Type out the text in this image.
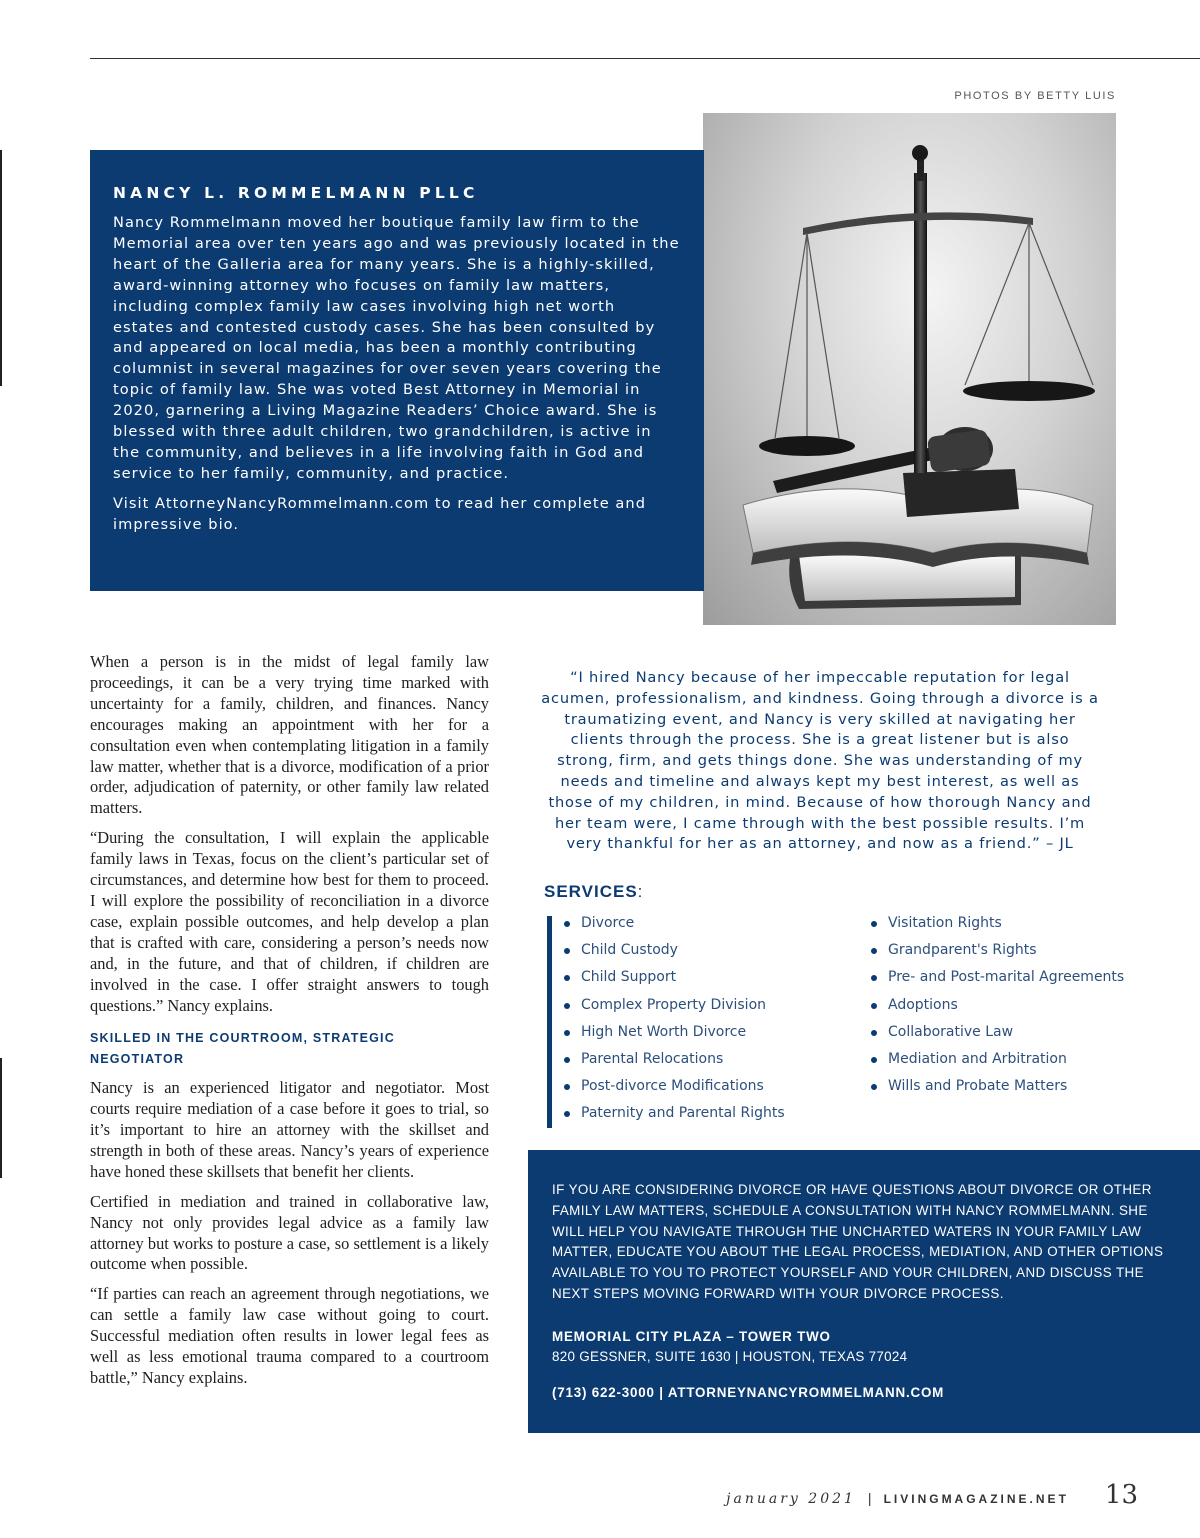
PHOTOS BY BETTY LUIS
NANCY L. ROMMELMANN PLLC

Nancy Rommelmann moved her boutique family law firm to the Memorial area over ten years ago and was previously located in the heart of the Galleria area for many years. She is a highly-skilled, award-winning attorney who focuses on family law matters, including complex family law cases involving high net worth estates and contested custody cases. She has been consulted by and appeared on local media, has been a monthly contributing columnist in several magazines for over seven years covering the topic of family law. She was voted Best Attorney in Memorial in 2020, garnering a Living Magazine Readers’ Choice award. She is blessed with three adult children, two grandchildren, is active in the community, and believes in a life involving faith in God and service to her family, community, and practice.

Visit AttorneyNancyRommelmann.com to read her complete and impressive bio.

When a person is in the midst of legal family law proceedings, it can be a very trying time marked with uncertainty for a family, children, and finances. Nancy encourages making an appointment with her for a consultation even when contemplating litigation in a family law matter, whether that is a divorce, modification of a prior order, adjudication of paternity, or other family law related matters.

“During the consultation, I will explain the applicable family laws in Texas, focus on the client’s particular set of circumstances, and determine how best for them to proceed. I will explore the possibility of reconciliation in a divorce case, explain possible outcomes, and help develop a plan that is crafted with care, considering a person’s needs now and, in the future, and that of children, if children are involved in the case. I offer straight answers to tough questions.” Nancy explains.

SKILLED IN THE COURTROOM, STRATEGIC NEGOTIATOR

Nancy is an experienced litigator and negotiator. Most courts require mediation of a case before it goes to trial, so it’s important to hire an attorney with the skillset and strength in both of these areas. Nancy’s years of experience have honed these skillsets that benefit her clients.

Certified in mediation and trained in collaborative law, Nancy not only provides legal advice as a family law attorney but works to posture a case, so settlement is a likely outcome when possible.

“If parties can reach an agreement through negotiations, we can settle a family law case without going to court. Successful mediation often results in lower legal fees as well as less emotional trauma compared to a courtroom battle,” Nancy explains.

“I hired Nancy because of her impeccable reputation for legal acumen, professionalism, and kindness. Going through a divorce is a traumatizing event, and Nancy is very skilled at navigating her clients through the process. She is a great listener but is also strong, firm, and gets things done. She was understanding of my needs and timeline and always kept my best interest, as well as those of my children, in mind. Because of how thorough Nancy and her team were, I came through with the best possible results. I’m very thankful for her as an attorney, and now as a friend.” – JL

SERVICES:
Divorce
Child Custody
Child Support
Complex Property Division
High Net Worth Divorce
Parental Relocations
Post-divorce Modifications
Paternity and Parental Rights
Visitation Rights
Grandparent's Rights
Pre- and Post-marital Agreements
Adoptions
Collaborative Law
Mediation and Arbitration
Wills and Probate Matters

IF YOU ARE CONSIDERING DIVORCE OR HAVE QUESTIONS ABOUT DIVORCE OR OTHER FAMILY LAW MATTERS, SCHEDULE A CONSULTATION WITH NANCY ROMMELMANN. SHE WILL HELP YOU NAVIGATE THROUGH THE UNCHARTED WATERS IN YOUR FAMILY LAW MATTER, EDUCATE YOU ABOUT THE LEGAL PROCESS, MEDIATION, AND OTHER OPTIONS AVAILABLE TO YOU TO PROTECT YOURSELF AND YOUR CHILDREN, AND DISCUSS THE NEXT STEPS MOVING FORWARD WITH YOUR DIVORCE PROCESS.

MEMORIAL CITY PLAZA – TOWER TWO
820 GESSNER, SUITE 1630 | HOUSTON, TEXAS 77024
(713) 622-3000 | ATTORNEYNANCYROMMELMANN.COM
january 2021 | LIVINGMAGAZINE.NET 13
